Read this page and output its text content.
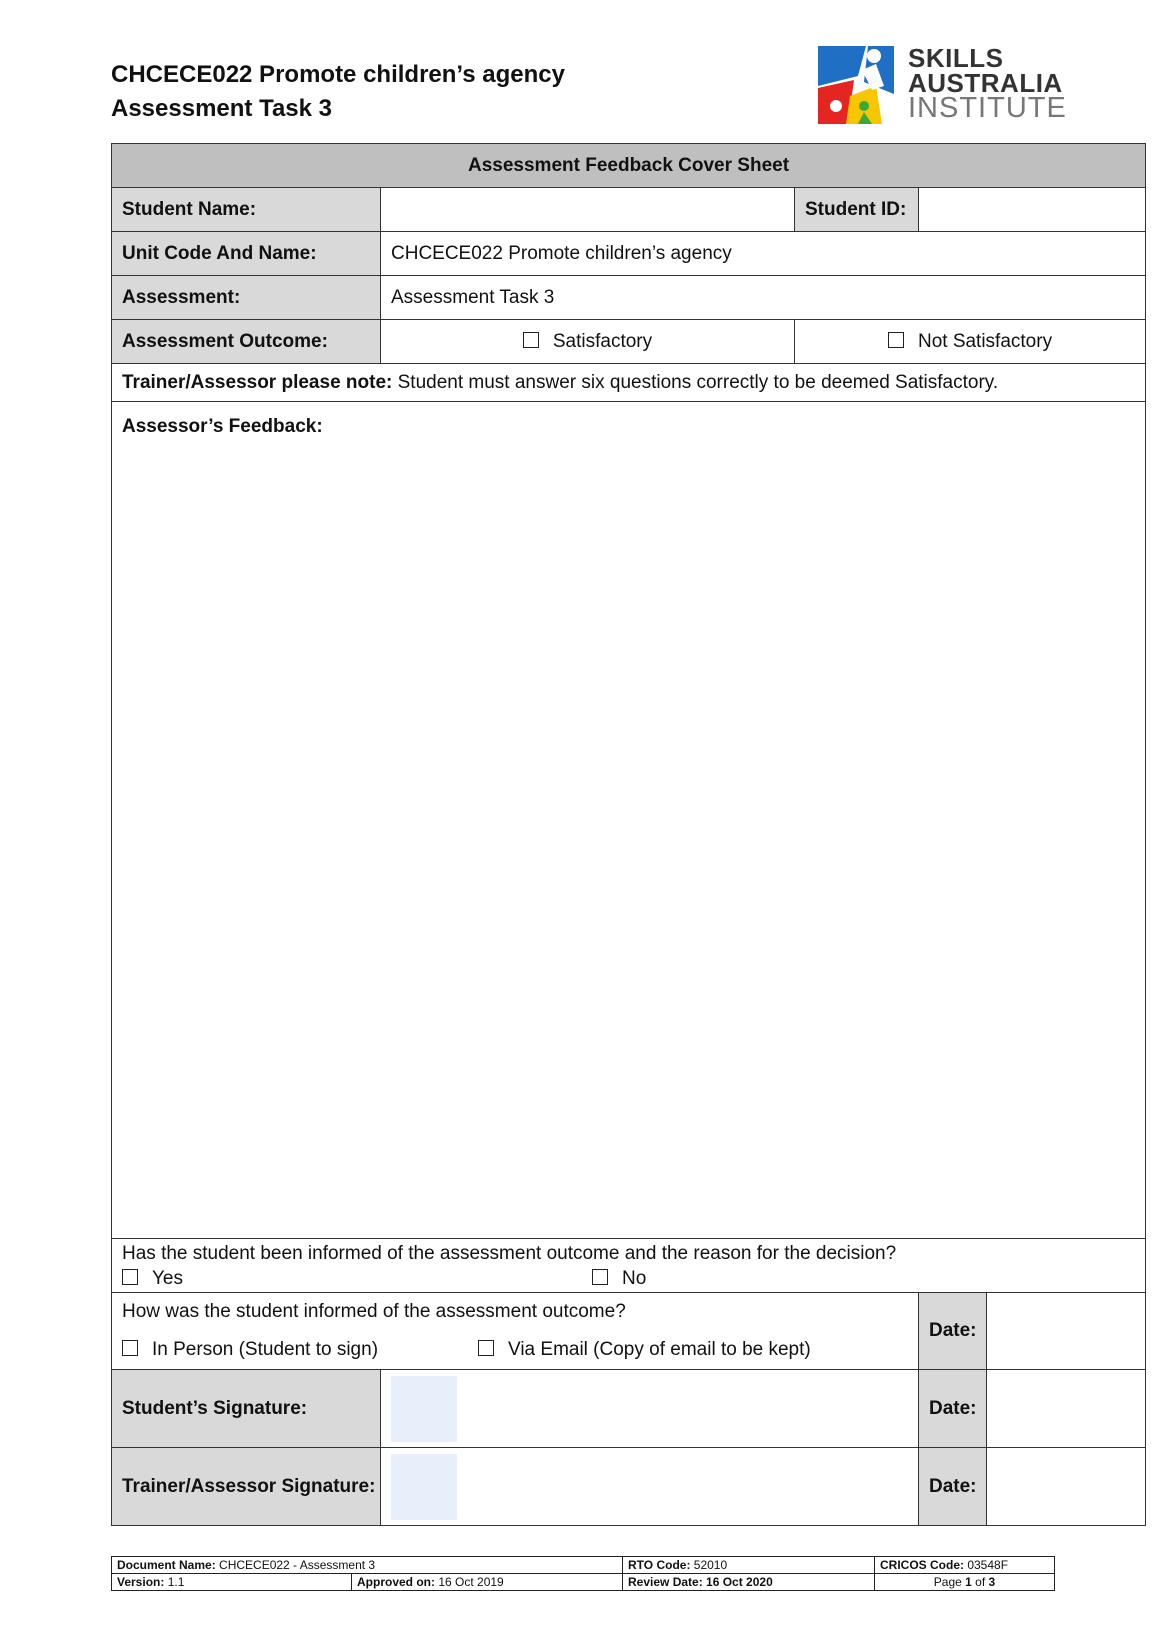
CHCECE022 Promote children’s agency
Assessment Task 3
SKILLS
AUSTRALIA
INSTITUTE
Assessment Feedback Cover Sheet				
Student Name:		Student ID:		
Unit Code And Name:	CHCECE022 Promote children’s agency			
Assessment:	Assessment Task 3			
Assessment Outcome:	Satisfactory	Not Satisfactory		
Trainer/Assessor please note: Student must answer six questions correctly to be deemed Satisfactory.				
Assessor’s Feedback:				

Has the student been informed of the assessment outcome and the reason for the decision?
Yes No				

How was the student informed of the assessment outcome?
In Person (Student to sign) Via Email (Copy of email to be kept)			Date:	
Student’s Signature:			Date:	
Trainer/Assessor Signature:			Date:	
Document Name: CHCECE022 - Assessment 3		RTO Code: 52010	CRICOS Code: 03548F
Version: 1.1	Approved on: 16 Oct 2019	Review Date: 16 Oct 2020	Page 1 of 3
